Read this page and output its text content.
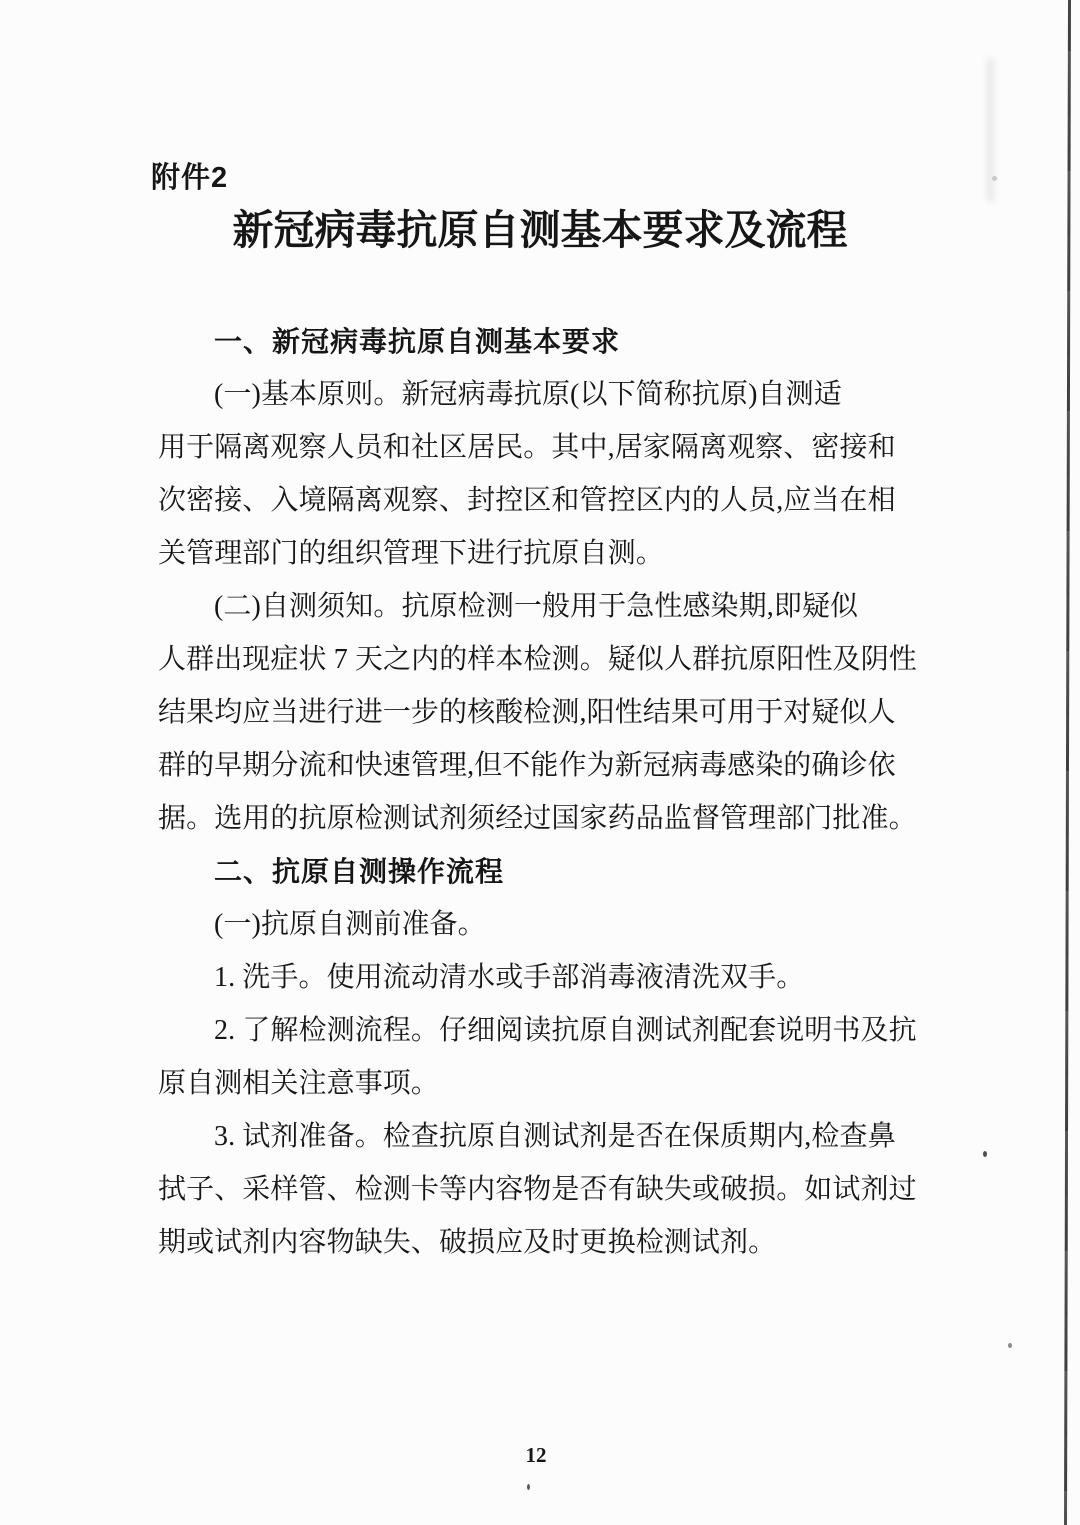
附件2
新冠病毒抗原自测基本要求及流程
一、新冠病毒抗原自测基本要求
(一)基本原则。新冠病毒抗原(以下简称抗原)自测适
用于隔离观察人员和社区居民。其中,居家隔离观察、密接和
次密接、入境隔离观察、封控区和管控区内的人员,应当在相
关管理部门的组织管理下进行抗原自测。
(二)自测须知。抗原检测一般用于急性感染期,即疑似
人群出现症状 7 天之内的样本检测。疑似人群抗原阳性及阴性
结果均应当进行进一步的核酸检测,阳性结果可用于对疑似人
群的早期分流和快速管理,但不能作为新冠病毒感染的确诊依
据。选用的抗原检测试剂须经过国家药品监督管理部门批准。
二、抗原自测操作流程
(一)抗原自测前准备。
1. 洗手。使用流动清水或手部消毒液清洗双手。
2. 了解检测流程。仔细阅读抗原自测试剂配套说明书及抗
原自测相关注意事项。
3. 试剂准备。检查抗原自测试剂是否在保质期内,检查鼻
拭子、采样管、检测卡等内容物是否有缺失或破损。如试剂过
期或试剂内容物缺失、破损应及时更换检测试剂。
12
